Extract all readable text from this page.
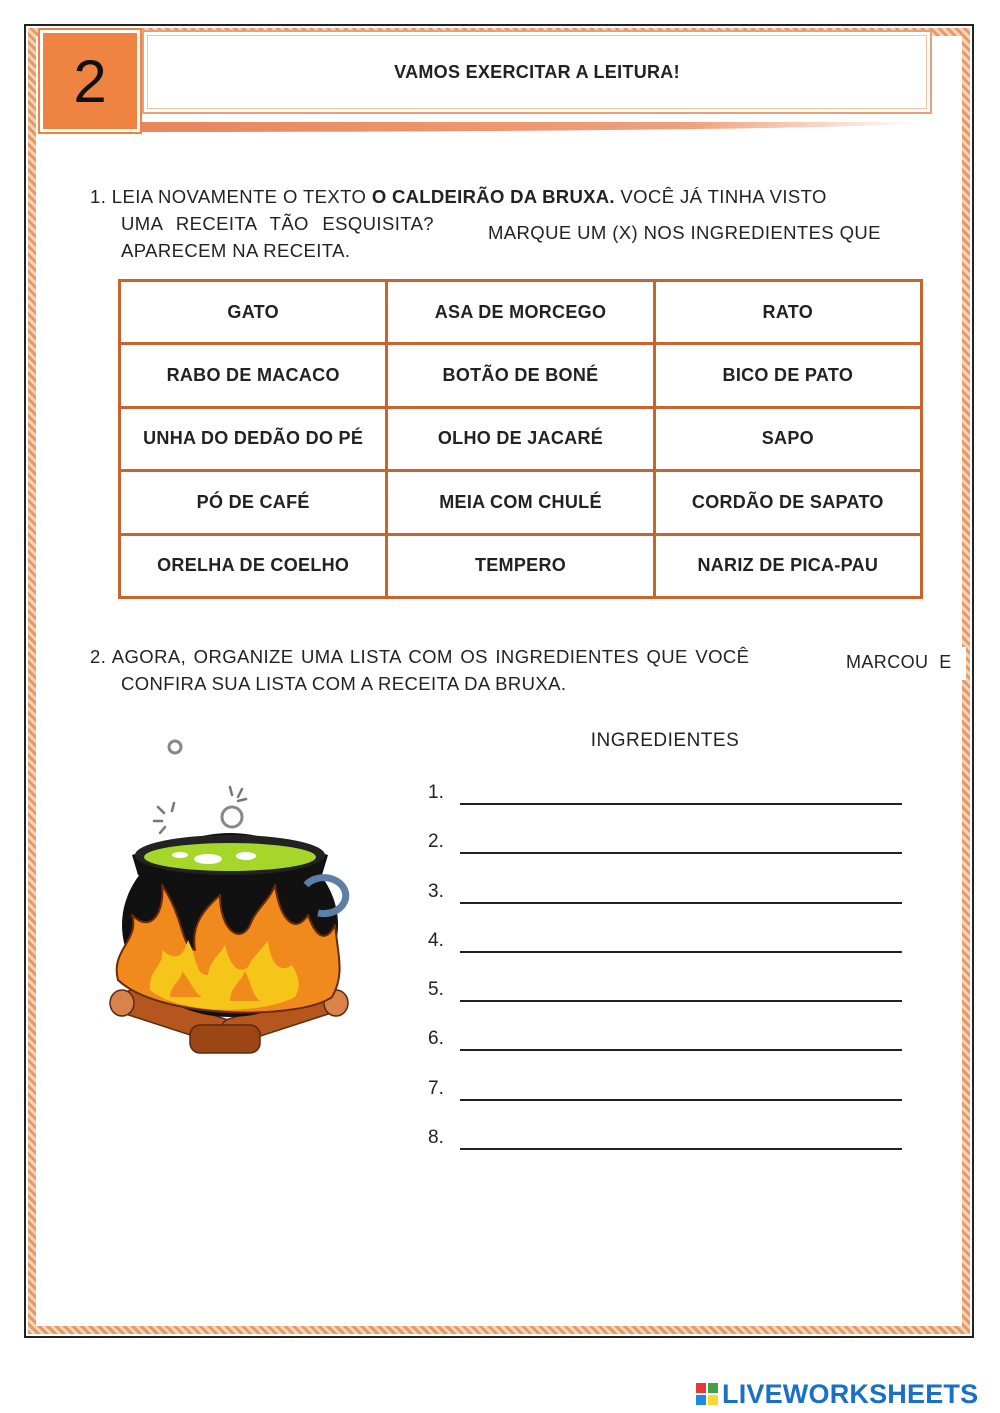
2	VAMOS EXERCITAR A LEITURA!
1. LEIA NOVAMENTE O TEXTO O CALDEIRÃO DA BRUXA. VOCÊ JÁ TINHA VISTO
UMA RECEITA TÃO ESQUISITA?	MARQUE UM (X) NOS INGREDIENTES QUE
APARECEM NA RECEITA.
GATO	ASA DE MORCEGO	RATO
RABO DE MACACO	BOTÃO DE BONÉ	BICO DE PATO
UNHA DO DEDÃO DO PÉ	OLHO DE JACARÉ	SAPO
PÓ DE CAFÉ	MEIA COM CHULÉ	CORDÃO DE SAPATO
ORELHA DE COELHO	TEMPERO	NARIZ DE PICA-PAU
2. AGORA, ORGANIZE UMA LISTA COM OS INGREDIENTES QUE VOCÊ	MARCOU  E
CONFIRA SUA LISTA COM A RECEITA DA BRUXA.
INGREDIENTES
1.
2.
3.
4.
5.
6.
7.
8.
LIVEWORKSHEETS
